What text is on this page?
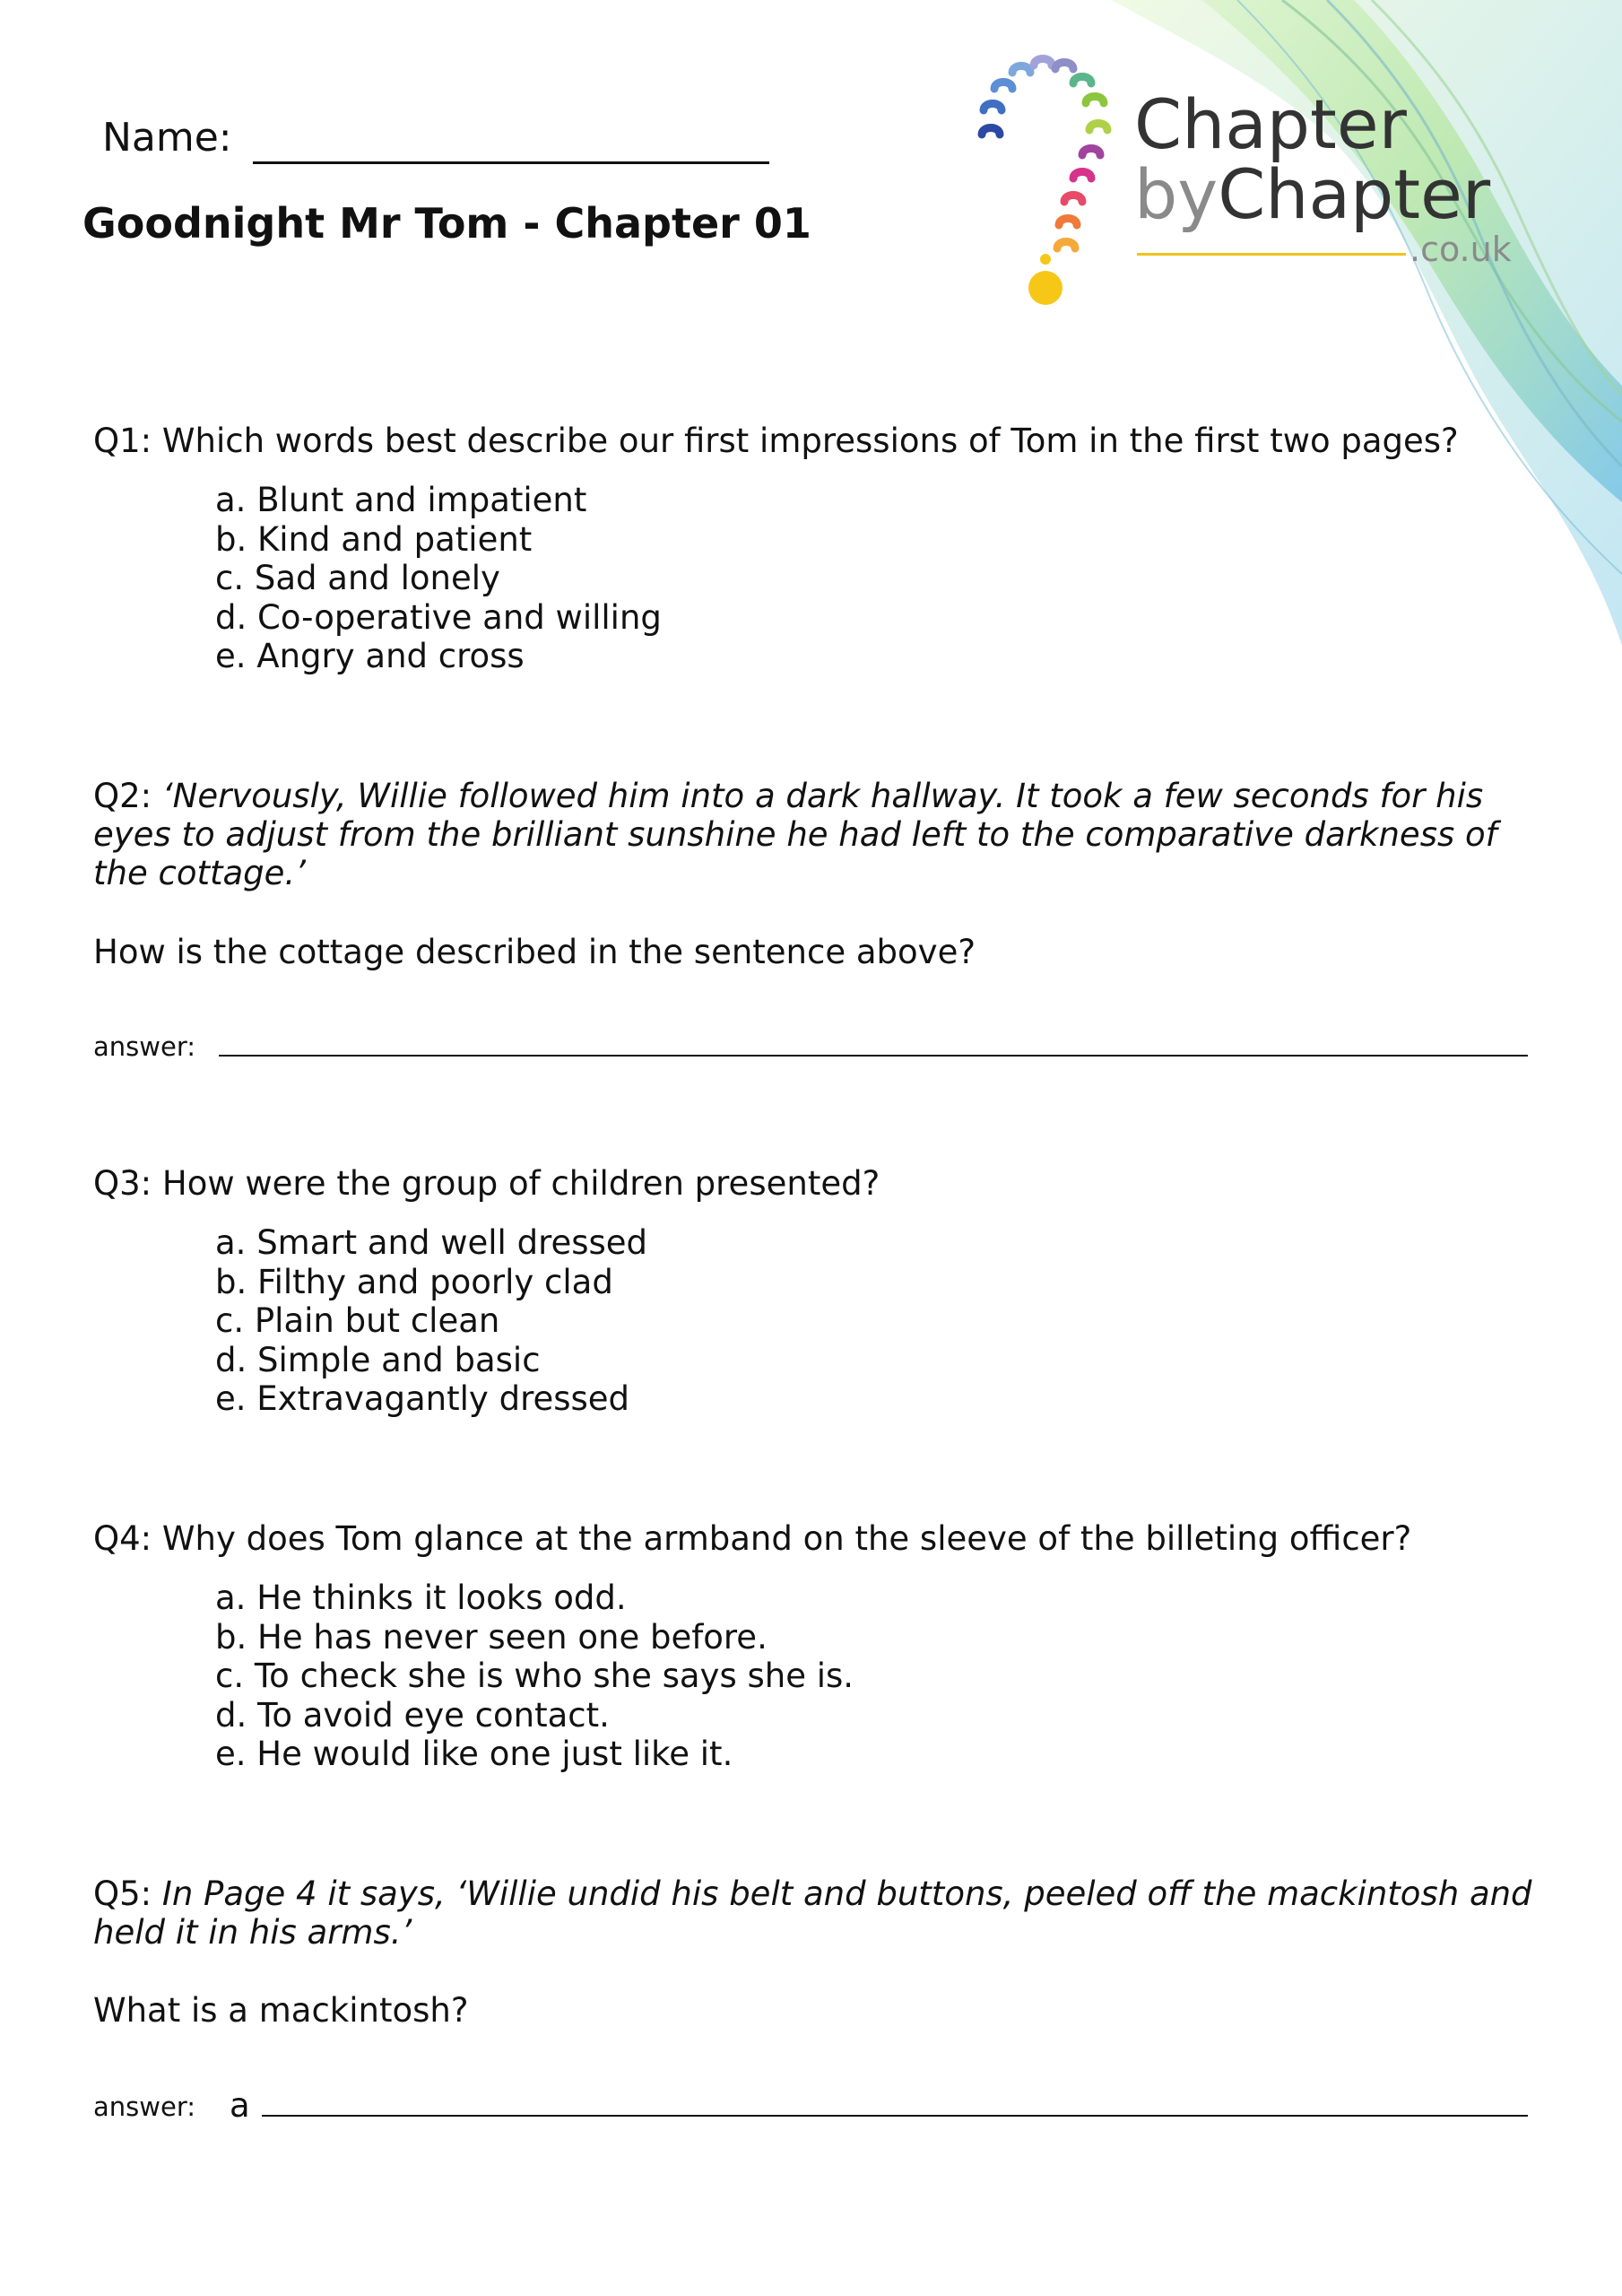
Chapter
byChapter
.co.uk
Name:
Goodnight Mr Tom - Chapter 01
Q1: Which words best describe our first impressions of Tom in the first two pages?
a. Blunt and impatient
b. Kind and patient
c. Sad and lonely
d. Co-operative and willing
e. Angry and cross
Q2: ‘Nervously, Willie followed him into a dark hallway. It took a few seconds for his eyes to adjust from the brilliant sunshine he had left to the comparative darkness of the cottage.’
How is the cottage described in the sentence above?
answer:
Q3: How were the group of children presented?
a. Smart and well dressed
b. Filthy and poorly clad
c. Plain but clean
d. Simple and basic
e. Extravagantly dressed
Q4: Why does Tom glance at the armband on the sleeve of the billeting officer?
a. He thinks it looks odd.
b. He has never seen one before.
c. To check she is who she says she is.
d. To avoid eye contact.
e. He would like one just like it.
Q5: In Page 4 it says, ‘Willie undid his belt and buttons, peeled off the mackintosh and held it in his arms.’
What is a mackintosh?
answer: a
